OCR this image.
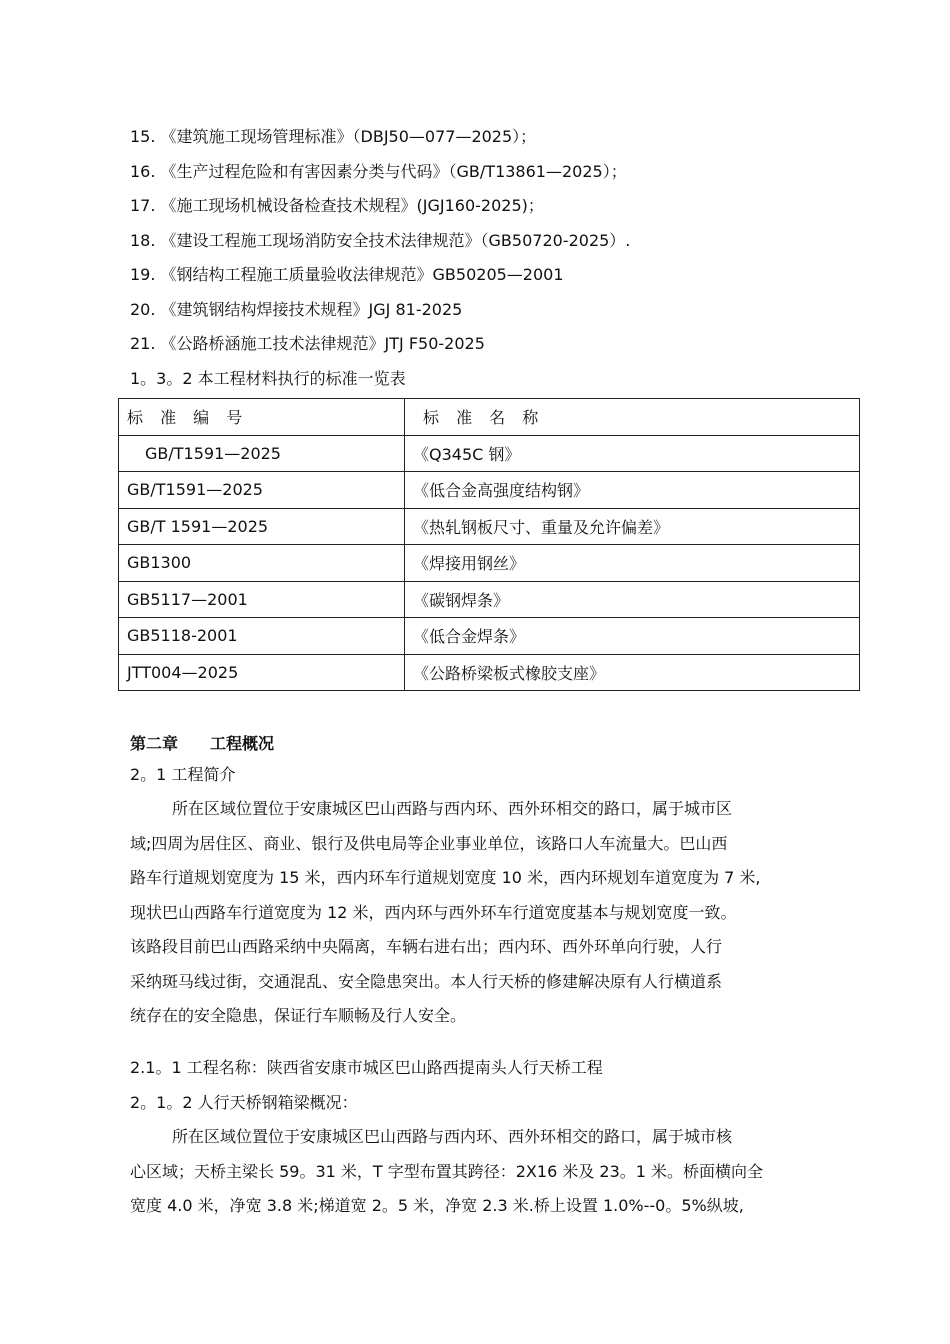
15. 《建筑施工现场管理标准》（DBJ50—077—2025）；
16. 《生产过程危险和有害因素分类与代码》（GB/T13861—2025）；
17. 《施工现场机械设备检查技术规程》(JGJ160-2025)；
18. 《建设工程施工现场消防安全技术法律规范》（GB50720-2025）.
19. 《钢结构工程施工质量验收法律规范》GB50205—2001
20. 《建筑钢结构焊接技术规程》JGJ 81-2025
21. 《公路桥涵施工技术法律规范》JTJ F50-2025
1。3。2 本工程材料执行的标准一览表
标 准 编 号	标 准 名 称
GB/T1591—2025	《Q345C 钢》
GB/T1591—2025	《低合金高强度结构钢》
GB/T 1591—2025	《热轧钢板尺寸、重量及允许偏差》
GB1300	《焊接用钢丝》
GB5117—2001	《碳钢焊条》
GB5118-2001	《低合金焊条》
JTT004—2025	《公路桥梁板式橡胶支座》
第二章 工程概况
2。1 工程简介

所在区域位置位于安康城区巴山西路与西内环、西外环相交的路口，属于城市区

域;四周为居住区、商业、银行及供电局等企业事业单位，该路口人车流量大。巴山西

路车行道规划宽度为 15 米，西内环车行道规划宽度 10 米，西内环规划车道宽度为 7 米,

现状巴山西路车行道宽度为 12 米，西内环与西外环车行道宽度基本与规划宽度一致。

该路段目前巴山西路采纳中央隔离，车辆右进右出；西内环、西外环单向行驶，人行

采纳斑马线过街，交通混乱、安全隐患突出。本人行天桥的修建解决原有人行横道系

统存在的安全隐患，保证行车顺畅及行人安全。

2.1。1 工程名称：陕西省安康市城区巴山路西提南头人行天桥工程
2。1。2 人行天桥钢箱梁概况：

所在区域位置位于安康城区巴山西路与西内环、西外环相交的路口，属于城市核

心区域；天桥主梁长 59。31 米，T 字型布置其跨径：2X16 米及 23。1 米。桥面横向全

宽度 4.0 米，净宽 3.8 米;梯道宽 2。5 米，净宽 2.3 米.桥上设置 1.0%--0。5%纵坡,
